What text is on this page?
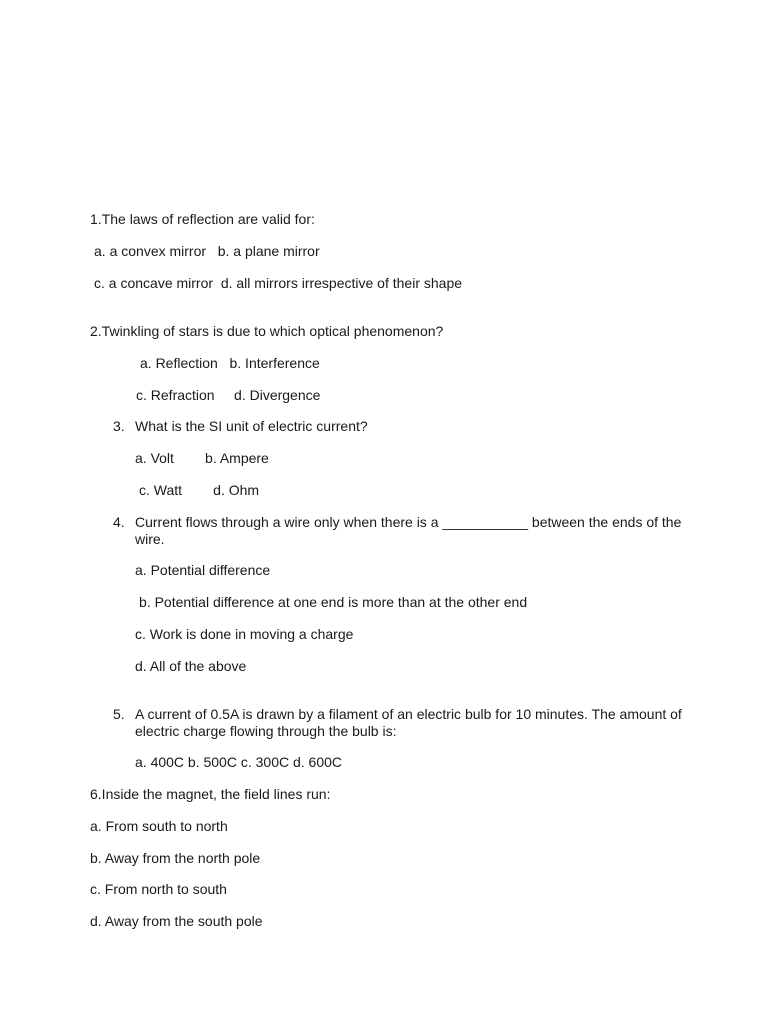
1.The laws of reflection are valid for:
a. a convex mirror   b. a plane mirror
c. a concave mirror  d. all mirrors irrespective of their shape
2.Twinkling of stars is due to which optical phenomenon?
a. Reflection   b. Interference
c. Refraction     d. Divergence
3. What is the SI unit of electric current?
a. Volt        b. Ampere
c. Watt        d. Ohm
4. Current flows through a wire only when there is a ___________ between the ends of the wire.
a. Potential difference
b. Potential difference at one end is more than at the other end
c. Work is done in moving a charge
d. All of the above
5. A current of 0.5A is drawn by a filament of an electric bulb for 10 minutes. The amount of electric charge flowing through the bulb is:
a. 400C b. 500C c. 300C d. 600C
6.Inside the magnet, the field lines run:
a. From south to north
b. Away from the north pole
c. From north to south
d. Away from the south pole
